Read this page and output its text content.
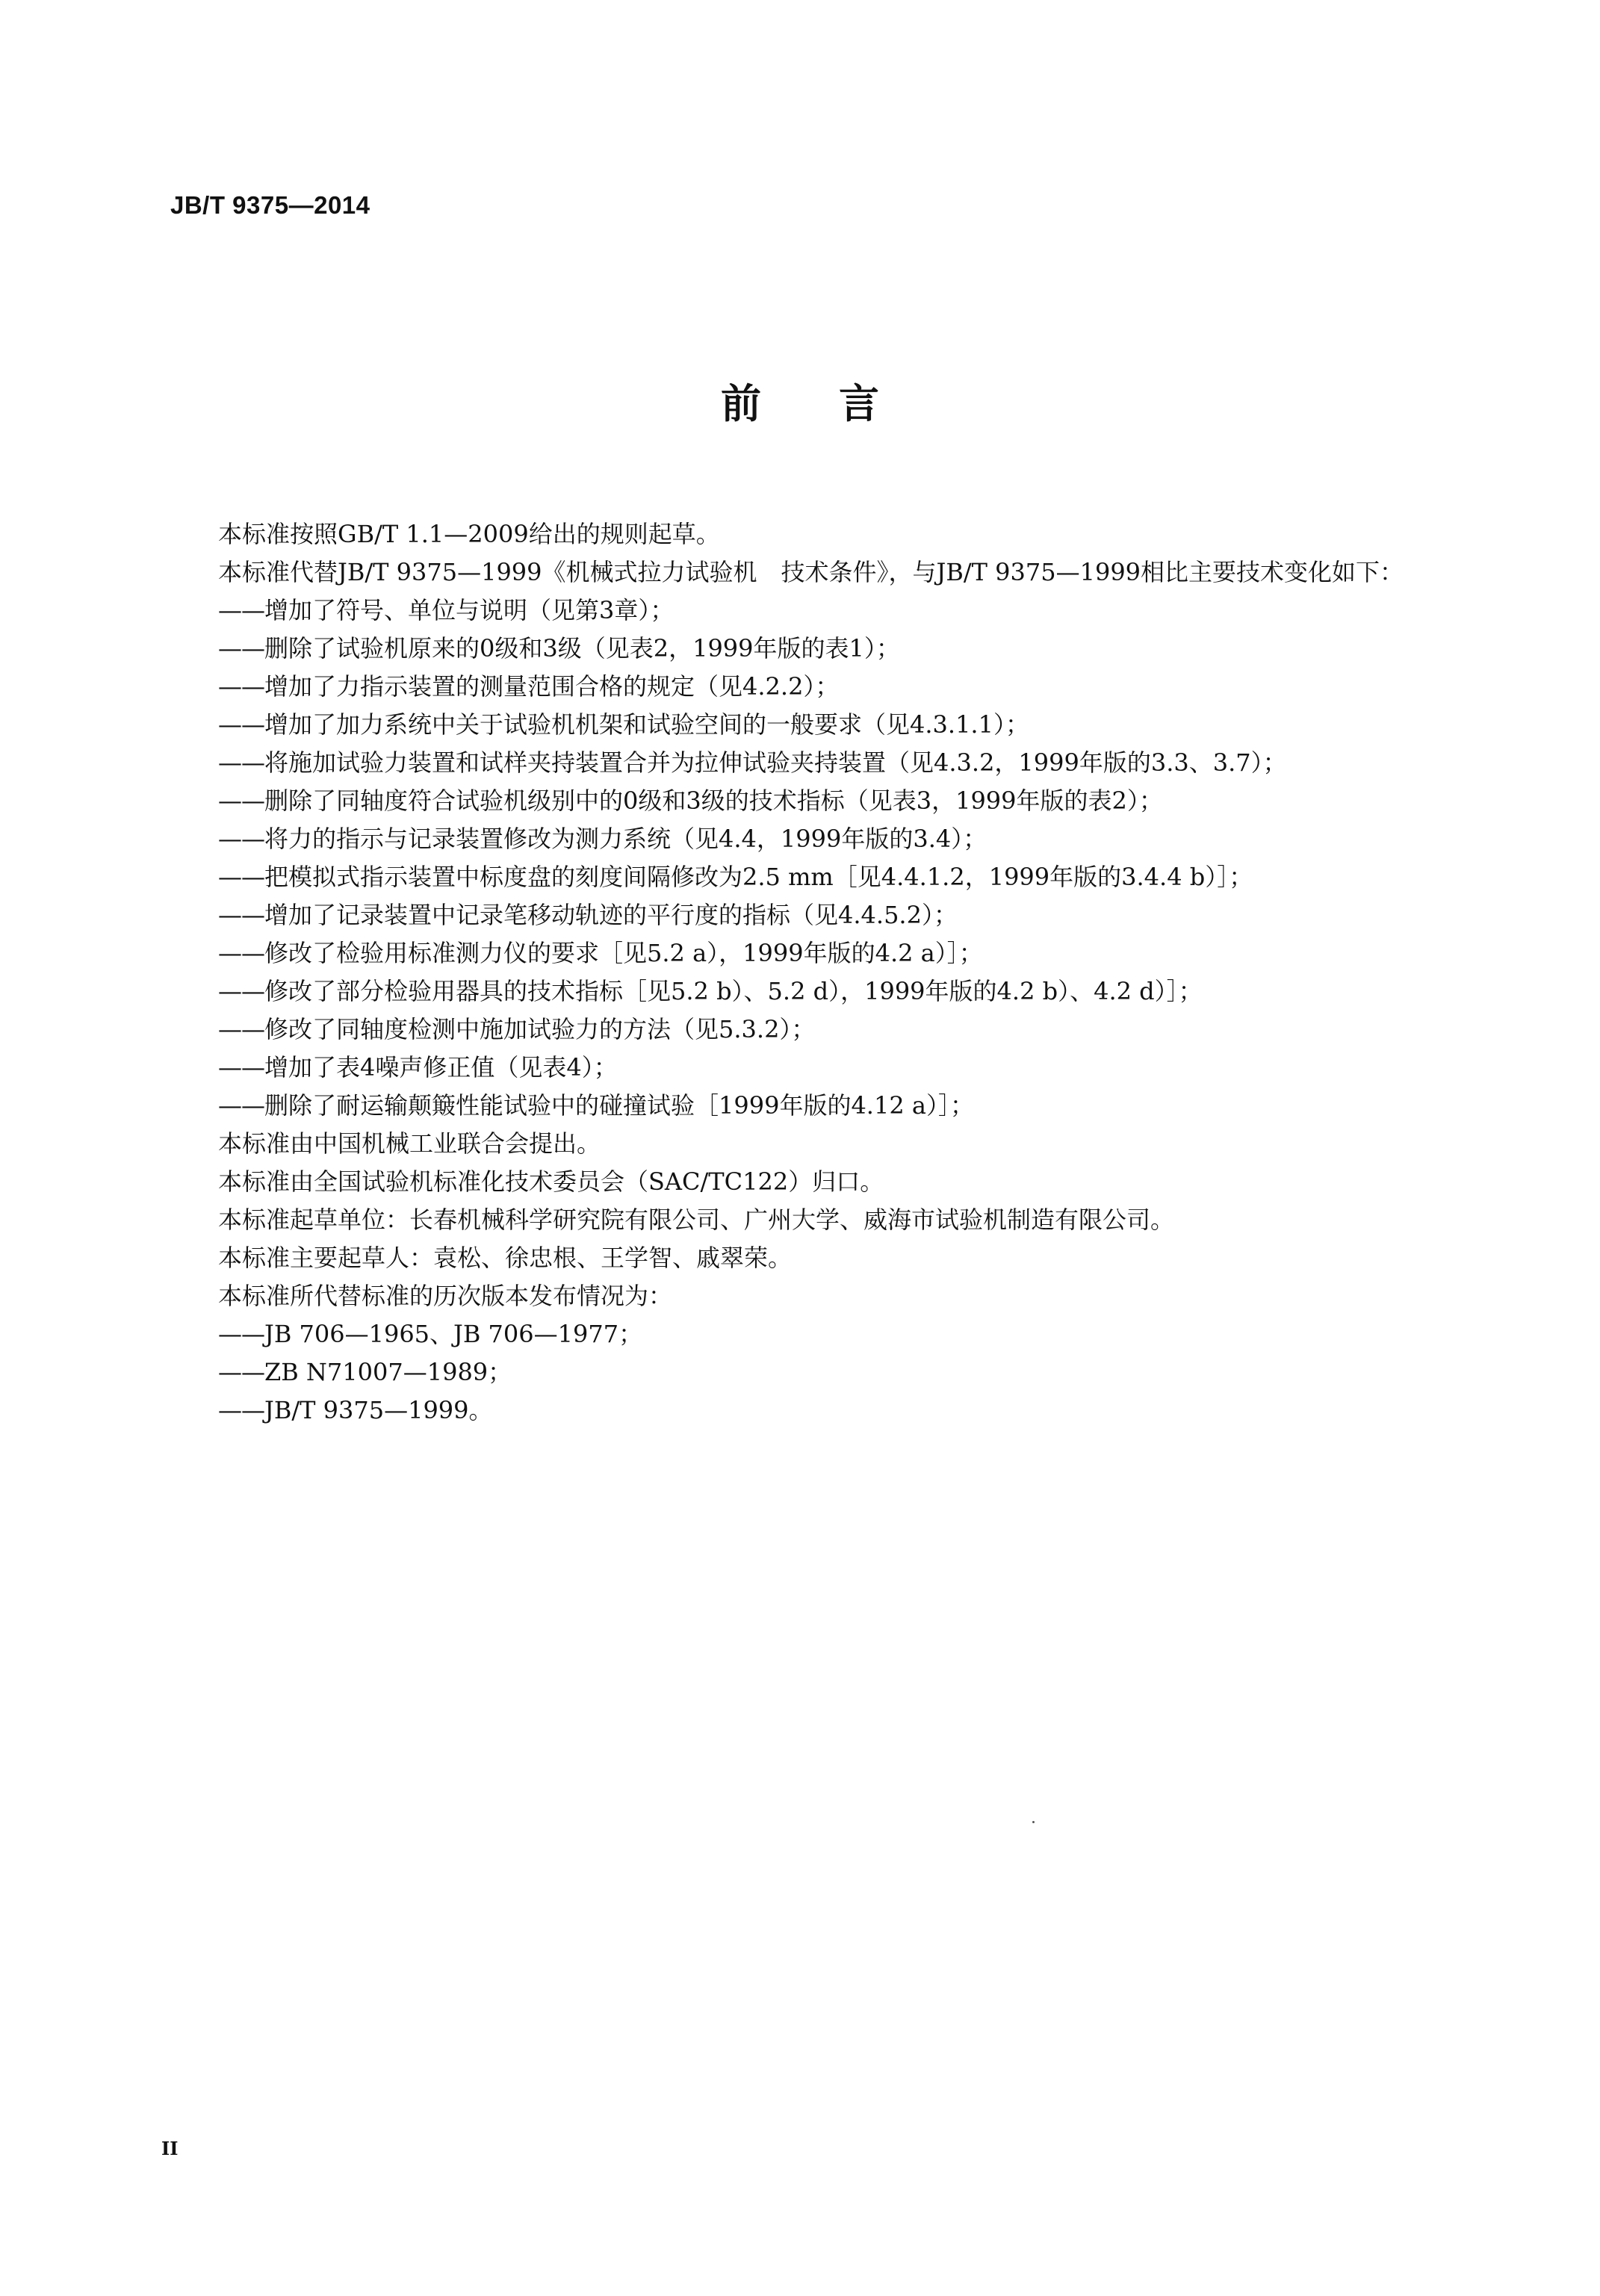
JB/T 9375—2014
前言
本标准按照GB/T 1.1—2009给出的规则起草。
本标准代替JB/T 9375—1999《机械式拉力试验机　技术条件》，与JB/T 9375—1999相比主要技术变化如下：
——增加了符号、单位与说明（见第3章）；
——删除了试验机原来的0级和3级（见表2，1999年版的表1）；
——增加了力指示装置的测量范围合格的规定（见4.2.2）；
——增加了加力系统中关于试验机机架和试验空间的一般要求（见4.3.1.1）；
——将施加试验力装置和试样夹持装置合并为拉伸试验夹持装置（见4.3.2，1999年版的3.3、3.7）；
——删除了同轴度符合试验机级别中的0级和3级的技术指标（见表3，1999年版的表2）；
——将力的指示与记录装置修改为测力系统（见4.4，1999年版的3.4）；
——把模拟式指示装置中标度盘的刻度间隔修改为2.5 mm［见4.4.1.2，1999年版的3.4.4 b）］；
——增加了记录装置中记录笔移动轨迹的平行度的指标（见4.4.5.2）；
——修改了检验用标准测力仪的要求［见5.2 a），1999年版的4.2 a）］；
——修改了部分检验用器具的技术指标［见5.2 b）、5.2 d），1999年版的4.2 b）、4.2 d）］；
——修改了同轴度检测中施加试验力的方法（见5.3.2）；
——增加了表4噪声修正值（见表4）；
——删除了耐运输颠簸性能试验中的碰撞试验［1999年版的4.12 a）］；
本标准由中国机械工业联合会提出。
本标准由全国试验机标准化技术委员会（SAC/TC122）归口。
本标准起草单位：长春机械科学研究院有限公司、广州大学、威海市试验机制造有限公司。
本标准主要起草人：袁松、徐忠根、王学智、戚翠荣。
本标准所代替标准的历次版本发布情况为：
——JB 706—1965、JB 706—1977；
——ZB N71007—1989；
——JB/T 9375—1999。
II
